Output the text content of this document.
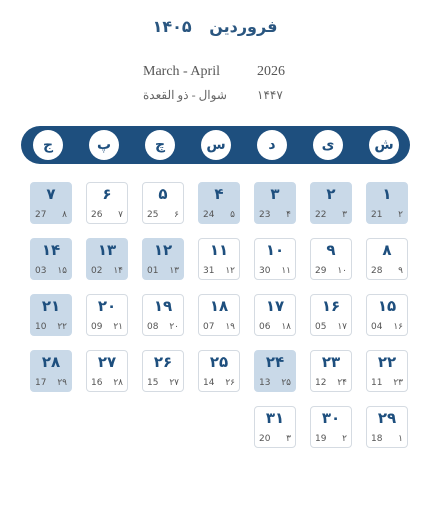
فروردین ۱۴۰۵
March - April	2026
شوال - ذو القعدة	۱۴۴۷
ش
ی
د
س
چ
پ
ج
۱
21 ۲
۲
22 ۳
۳
23 ۴
۴
24 ۵
۵
25 ۶
۶
26 ۷
۷
27 ۸
۸
28 ۹
۹
29 ۱۰
۱۰
30 ۱۱
۱۱
31 ۱۲
۱۲
01 ۱۳
۱۳
02 ۱۴
۱۴
03 ۱۵
۱۵
04 ۱۶
۱۶
05 ۱۷
۱۷
06 ۱۸
۱۸
07 ۱۹
۱۹
08 ۲۰
۲۰
09 ۲۱
۲۱
10 ۲۲
۲۲
11 ۲۳
۲۳
12 ۲۴
۲۴
13 ۲۵
۲۵
14 ۲۶
۲۶
15 ۲۷
۲۷
16 ۲۸
۲۸
17 ۲۹
۲۹
18 ۱
۳۰
19 ۲
۳۱
20 ۳
